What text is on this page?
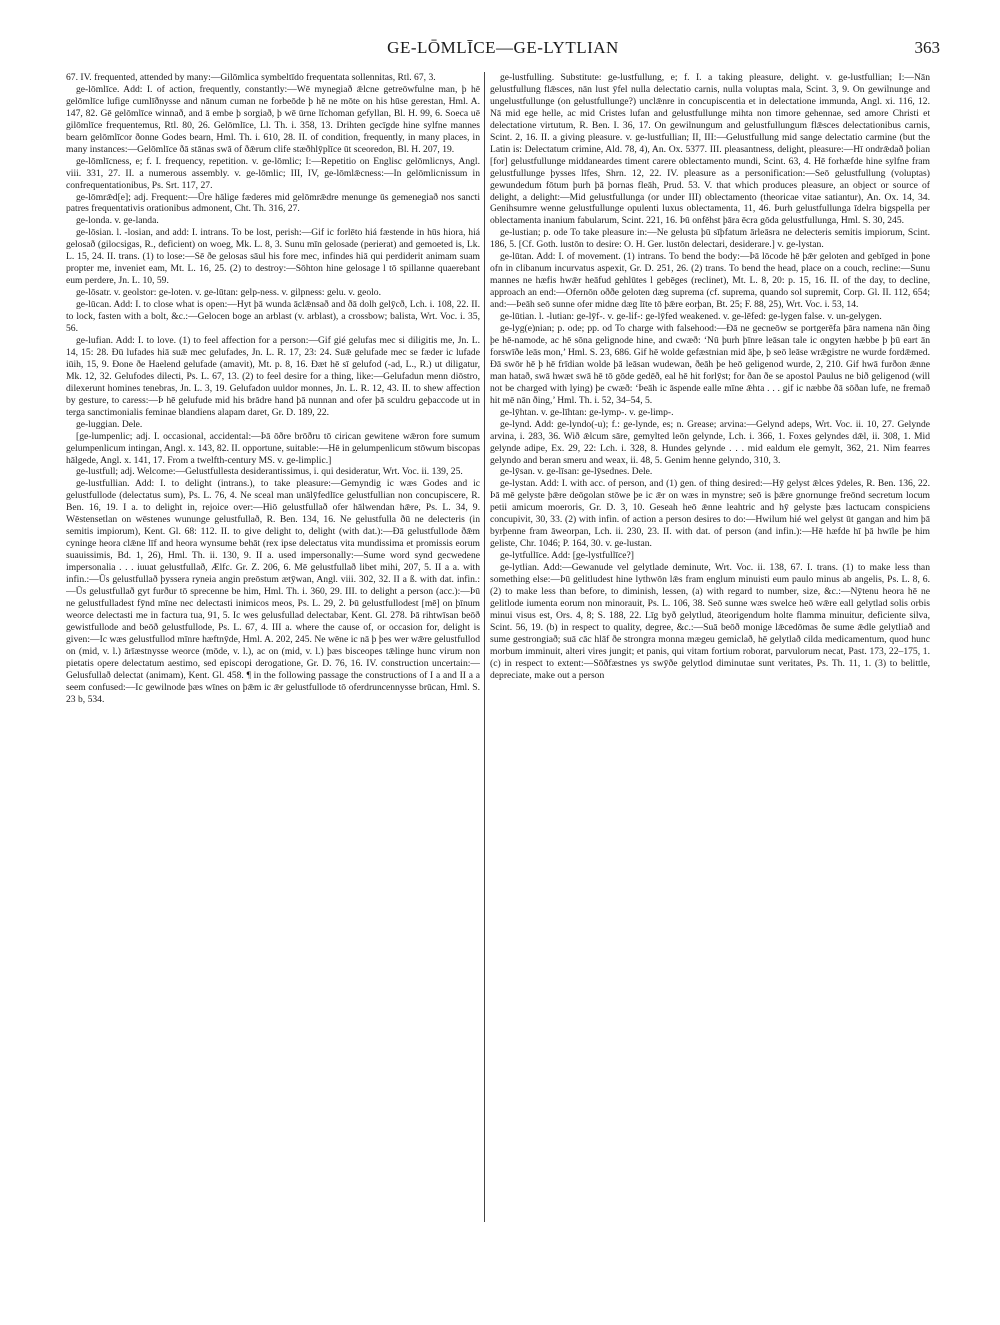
GE-LŌMLĪCE—GE-LYTLIAN	363

67. IV. frequented, attended by many:—Gilōmlica symbeltīdo frequentata sollennitas, Rtl. 67, 3.

ge-lōmlīce. Add: I. of action, frequently, constantly:—Wē mynegiað ǣlcne getreōwfulne man, þ hē gelōmlīce lufige cumlīðnysse and nānum cuman ne forbeōde þ hē ne mōte on his hūse gerestan, Hml. A. 147, 82. Gē gelōmlīce winnað, and ā embe þ sorgiað, þ wē ūrne līchoman gefyllan, Bl. H. 99, 6. Soeca uē gilōmlīce frequentemus, Rtl. 80, 26. Gelōmlīce, Ll. Th. i. 358, 13. Drihten gecīgde hine sylfne mannes bearn gelōmlīcor ðonne Godes bearn, Hml. Th. i. 610, 28. II. of condition, frequently, in many places, in many instances:—Gelōmlīce ðā stānas swā of ðǣrum clife stæðhlȳplīce ūt sceoredon, Bl. H. 207, 19.

ge-lōmlīcness, e; f. I. frequency, repetition. v. ge-lōmlic; I:—Repetitio on Englisc gelōmlicnys, Angl. viii. 331, 27. II. a numerous assembly. v. ge-lōmlic; III, IV, ge-lōmlǣcness:—In gelōmlicnissum in confrequentationibus, Ps. Srt. 117, 27.

ge-lōmrǣd[e]; adj. Frequent:—Ūre hālige fæderes mid gelōmrǣdre menunge ūs gemenegiað nos sancti patres frequentativis orationibus admonent, Cht. Th. 316, 27.

ge-londa. v. ge-landa.

ge-lōsian. l. -losian, and add: I. intrans. To be lost, perish:—Gif ic forlēto hiá fæstende in hūs hiora, hiá gelosað (gilocsigas, R., deficient) on woeg, Mk. L. 8, 3. Sunu mīn gelosade (perierat) and gemoeted is, Lk. L. 15, 24. II. trans. (1) to lose:—Sē ðe gelosas sāul his fore mec, infindes hiā qui perdiderit animam suam propter me, inveniet eam, Mt. L. 16, 25. (2) to destroy:—Sōhton hine gelosage l tō spillanne quaerebant eum perdere, Jn. L. 10, 59.

ge-lōsatr. v. geolstor: ge-loten. v. ge-lūtan: gelp-ness. v. gilpness: gelu. v. geolo.

ge-lūcan. Add: I. to close what is open:—Hyt þā wunda āclǣnsað and ðā dolh gelȳcð, Lch. i. 108, 22. II. to lock, fasten with a bolt, &c.:—Gelocen boge an arblast (v. arblast), a crossbow; balista, Wrt. Voc. i. 35, 56.

ge-lufian. Add: I. to love. (1) to feel affection for a person:—Gif gié gelufas mec si diligitis me, Jn. L. 14, 15: 28. Ðū lufades hiā suǣ mec gelufades, Jn. L. R. 17, 23: 24. Suǣ gelufade mec se fæder ic lufade iūih, 15, 9. Ðone ðe Haelend gelufade (amavit), Mt. p. 8, 16. Ðæt hē sī gelufod (-ad, L., R.) ut diligatur, Mk. 12, 32. Gelufodes dilecti, Ps. L. 67, 13. (2) to feel desire for a thing, like:—Gelufadun menn diōstro, dilexerunt homines tenebras, Jn. L. 3, 19. Gelufadon uuldor monnes, Jn. L. R. 12, 43. II. to shew affection by gesture, to caress:—Þ hē gelufude mid his brādre hand þā nunnan and ofer þā sculdru geþaccode ut in terga sanctimonialis feminae blandiens alapam daret, Gr. D. 189, 22.

ge-luggian. Dele.

[ge-lumpenlic; adj. I. occasional, accidental:—Þā ōðre brōðru tō cirican gewitene wǣron fore sumum gelumpenlicum intingan, Angl. x. 143, 82. II. opportune, suitable:—Hē in gelumpenlicum stōwum biscopas hālgede, Angl. x. 141, 17. From a twelfth-century MS. v. ge-limplic.]

ge-lustfull; adj. Welcome:—Gelustfullesta desiderantissimus, i. qui desideratur, Wrt. Voc. ii. 139, 25.

ge-lustfullian. Add: I. to delight (intrans.), to take pleasure:—Gemyndig ic wæs Godes and ic gelustfullode (delectatus sum), Ps. L. 76, 4. Ne sceal man unālȳfedlīce gelustfullian non concupiscere, R. Ben. 16, 19. I a. to delight in, rejoice over:—Hiō gelustfullað ofer hālwendan hǣre, Ps. L. 34, 9. Wēstensetlan on wēstenes wununge gelustfullað, R. Ben. 134, 16. Ne gelustfulla ðū ne delecteris (in semitis impiorum), Kent. Gl. 68: 112. II. to give delight to, delight (with dat.):—Ðā gelustfullode ðǣm cyninge heora clǣne līf and heora wynsume behāt (rex ipse delectatus vita mundissima et promissis eorum suauissimis, Bd. 1, 26), Hml. Th. ii. 130, 9. II a. used impersonally:—Sume word synd gecwedene impersonalia . . . iuuat gelustfullað, Ælfc. Gr. Z. 206, 6. Mē gelustfullað libet mihi, 207, 5. II a a. with infin.:—Ūs gelustfullað þyssera ryneia angin preōstum ætȳwan, Angl. viii. 302, 32. II a ß. with dat. infin.:—Ūs gelustfullað gyt furður tō sprecenne be him, Hml. Th. i. 360, 29. III. to delight a person (acc.):—Þū ne gelustfulladest fȳnd mīne nec delectasti inimicos meos, Ps. L. 29, 2. Þū gelustfullodest [mē] on þīnum weorce delectasti me in factura tua, 91, 5. Ic wes gelusfullad delectabar, Kent. Gl. 278. Þā rihtwīsan beōð gewistfullode and beōð gelustfullode, Ps. L. 67, 4. III a. where the cause of, or occasion for, delight is given:—Ic wæs gelustfullod mīnre hæftnȳde, Hml. A. 202, 245. Ne wēne ic nā þ þes wer wǣre gelustfullod on (mid, v. l.) ārīæstnysse weorce (mōde, v. l.), ac on (mid, v. l.) þæs bisceopes tǣlinge hunc virum non pietatis opere delectatum aestimo, sed episcopi derogatione, Gr. D. 76, 16. IV. construction uncertain:—Gelusfullað delectat (animam), Kent. Gl. 458. ¶ in the following passage the constructions of I a and II a a seem confused:—Ic gewilnode þæs wīnes on þǣm ic ǣr gelustfullode tō oferdruncennysse brūcan, Hml. S. 23 b, 534.

ge-lustfulling. Substitute: ge-lustfullung, e; f. I. a taking pleasure, delight. v. ge-lustfullian; I:—Nān gelustfullung flǣsces, nān lust ȳfel nulla delectatio carnis, nulla voluptas mala, Scint. 3, 9. On gewilnunge and ungelustfullunge (on gelustfullunge?) unclǣnre in concupiscentia et in delectatione immunda, Angl. xi. 116, 12. Nā mid ege helle, ac mid Cristes lufan and gelustfullunge mihta non timore gehennae, sed amore Christi et delectatione virtutum, R. Ben. I. 36, 17. On gewilnungum and gelustfullungum flǣsces delectationibus carnis, Scint. 2, 16. II. a giving pleasure. v. ge-lustfullian; II, III:—Gelustfullung mid sange delectatio carmine (but the Latin is: Delectatum crimine, Ald. 78, 4), An. Ox. 5377. III. pleasantness, delight, pleasure:—Hī ondrǣdað þolian [for] gelustfullunge middaneardes timent carere oblectamento mundi, Scint. 63, 4. Hē forhæfde hine sylfne fram gelustfullunge þysses līfes, Shrn. 12, 22. IV. pleasure as a personification:—Seō gelustfullung (voluptas) gewundedum fōtum þurh þā þornas fleāh, Prud. 53. V. that which produces pleasure, an object or source of delight, a delight:—Mid gelustfullunga (or under III) oblectamento (theoricae vitae satiantur), An. Ox. 14, 34. Genihsumre wenne gelustfullunge opulenti luxus oblectamenta, 11, 46. Þurh gelustfullunga īdelra bigspella per oblectamenta inanium fabularum, Scint. 221, 16. Þū onfēhst þāra ēcra gōda gelustfullunga, Hml. S. 30, 245.

ge-lustian; p. ode To take pleasure in:—Ne gelusta þū sīþfatum ārleāsra ne delecteris semitis impiorum, Scint. 186, 5. [Cf. Goth. lustōn to desire: O. H. Ger. lustōn delectari, desiderare.] v. ge-lystan.

ge-lūtan. Add: I. of movement. (1) intrans. To bend the body:—Þā lōcode hē þǣr geloten and gebīged in þone ofn in clibanum incurvatus aspexit, Gr. D. 251, 26. (2) trans. To bend the head, place on a couch, recline:—Sunu mannes ne hæfis hwǣr heāfud gehlūtes l gebēges (reclinet), Mt. L. 8, 20: p. 15, 16. II. of the day, to decline, approach an end:—Ofernōn oððe geloten dæg suprema (cf. suprema, quando sol supremit, Corp. Gl. II. 112, 654; and:—Þeāh seō sunne ofer midne dæg līte tō þǣre eorþan, Bt. 25; F. 88, 25), Wrt. Voc. i. 53, 14.

ge-lūtian. l. -lutian: ge-lȳf-. v. ge-lif-: ge-lȳfed weakened. v. ge-lēfed: ge-lygen false. v. un-gelygen.

ge-lyg(e)nian; p. ode; pp. od To charge with falsehood:—Ðā ne gecneōw se portgerēfa þāra namena nān ðing þe hē-namode, ac hē sōna gelignode hine, and cwæð: ‘Nū þurh þīnre leāsan tale ic ongyten hæbbe þ þū eart ān forswīðe leās mon,’ Hml. S. 23, 686. Gif hē wolde gefæstnian mid āþe, þ seō leāse wrǣgistre ne wurde fordǣmed. Ðā swōr hē þ hē frīdian wolde þā leāsan wudewan, ðeāh þe heō geligenod wurde, 2, 210. Gif hwā furðon ǣnne man hatað, swā hwæt swā hē tō gōde gedēð, eal hē hit forlȳst; for ðan ðe se apostol Paulus ne bið geligenod (will not be charged with lying) þe cwæð: ‘Þeāh ic āspende ealle mīne ǣhta . . . gif ic næbbe ðā sōðan lufe, ne fremað hit mē nān ðing,’ Hml. Th. i. 52, 34–54, 5.

ge-lȳhtan. v. ge-līhtan: ge-lymp-. v. ge-limp-.

ge-lynd. Add: ge-lyndo(-u); f.: ge-lynde, es; n. Grease; arvina:—Gelynd adeps, Wrt. Voc. ii. 10, 27. Gelynde arvina, i. 283, 36. Wið ǣlcum sāre, gemylted leōn gelynde, Lch. i. 366, 1. Foxes gelyndes dǣl, ii. 308, 1. Mid gelynde adipe, Ex. 29, 22: Lch. i. 328, 8. Hundes gelynde . . . mid ealdum ele gemylt, 362, 21. Nim fearres gelyndo and beran smeru and weax, ii. 48, 5. Genim henne gelyndo, 310, 3.

ge-lȳsan. v. ge-līsan: ge-lȳsednes. Dele.

ge-lystan. Add: I. with acc. of person, and (1) gen. of thing desired:—Hȳ gelyst ǣlces ȳdeles, R. Ben. 136, 22. Þā mē gelyste þǣre deōgolan stōwe þe ic ǣr on wæs in mynstre; seō is þǣre gnornunge freōnd secretum locum petii amicum moeroris, Gr. D. 3, 10. Geseah heō ǣnne leahtric and hȳ gelyste þæs lactucam conspiciens concupivit, 30, 33. (2) with infin. of action a person desires to do:—Hwilum hié wel gelyst ūt gangan and him þā byrþenne fram āweorpan, Lch. ii. 230, 23. II. with dat. of person (and infin.):—Hē hæfde hī þā hwīle þe him geliste, Chr. 1046; P. 164, 30. v. ge-lustan.

ge-lytfullīce. Add: [ge-lystfullīce?]

ge-lytlian. Add:—Gewanude vel gelytlade deminute, Wrt. Voc. ii. 138, 67. I. trans. (1) to make less than something else:—Þū gelitludest hine lythwōn lǣs fram englum minuisti eum paulo minus ab angelis, Ps. L. 8, 6. (2) to make less than before, to diminish, lessen, (a) with regard to number, size, &c.:—Nȳtenu heora hē ne gelitlode iumenta eorum non minorauit, Ps. L. 106, 38. Seō sunne wæs swelce heō wǣre eall gelytlad solis orbis minui visus est, Ors. 4, 8; S. 188, 22. Līg byð gelytlud, āteorigendum holte flamma minuitur, deficiente silva, Scint. 56, 19. (b) in respect to quality, degree, &c.:—Suā beōð monige lǣcedōmas ðe sume ǣdle gelytliað and sume gestrongiað; suā cāc hlāf ðe strongra monna mægeu gemiclað, hē gelytlað cilda medicamentum, quod hunc morbum imminuit, alteri vires jungit; et panis, qui vitam fortium roborat, parvulorum necat, Past. 173, 22–175, 1. (c) in respect to extent:—Sōðfæstnes ys swȳðe gelytlod diminutae sunt veritates, Ps. Th. 11, 1. (3) to belittle, depreciate, make out a person
